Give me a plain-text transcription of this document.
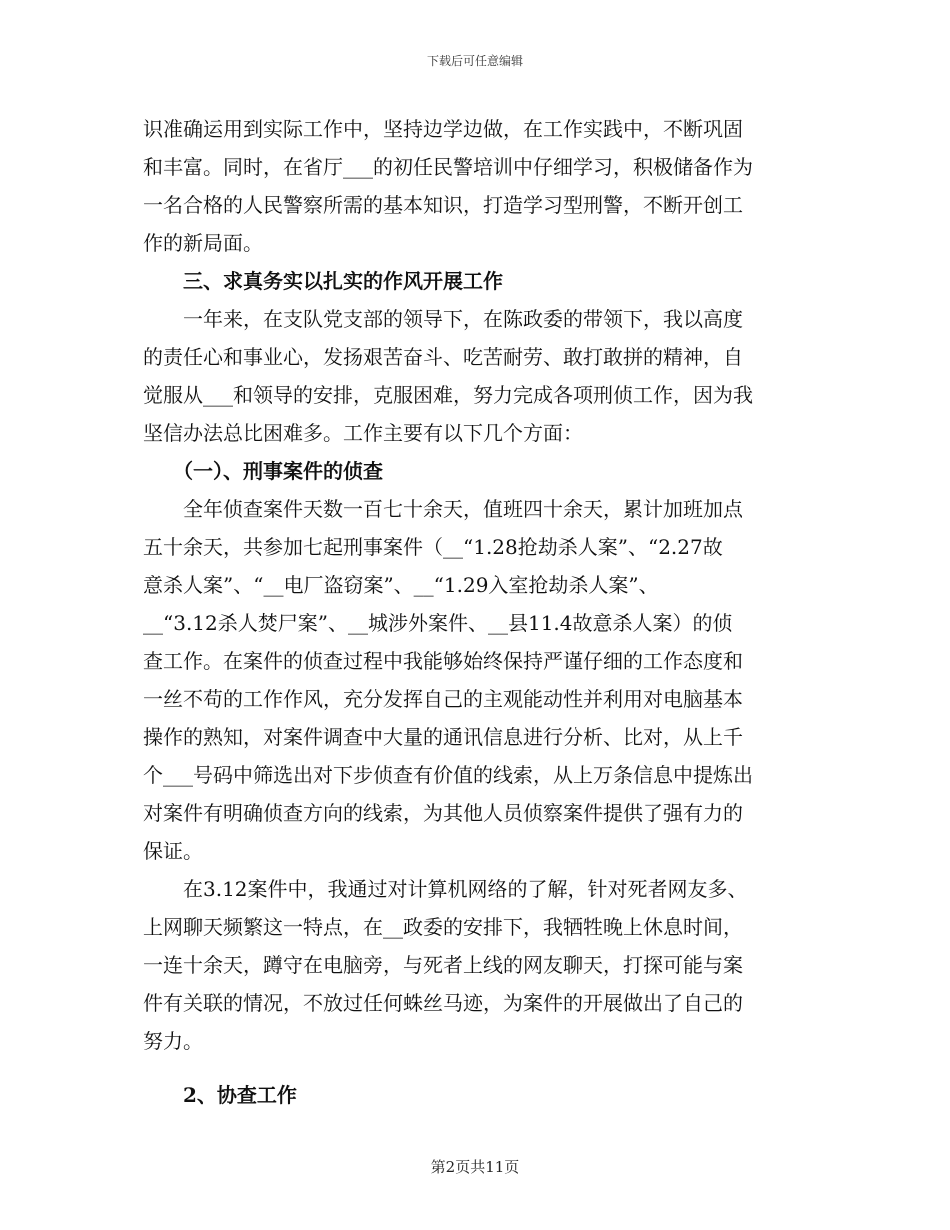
下载后可任意编辑
识准确运用到实际工作中，坚持边学边做，在工作实践中，不断巩固
和丰富。同时，在省厅___的初任民警培训中仔细学习，积极储备作为
一名合格的人民警察所需的基本知识，打造学习型刑警，不断开创工
作的新局面。
　　三、求真务实以扎实的作风开展工作
　　一年来，在支队党支部的领导下，在陈政委的带领下，我以高度
的责任心和事业心，发扬艰苦奋斗、吃苦耐劳、敢打敢拼的精神，自
觉服从___和领导的安排，克服困难，努力完成各项刑侦工作，因为我
坚信办法总比困难多。工作主要有以下几个方面：
　　（一）、刑事案件的侦查
　　全年侦查案件天数一百七十余天，值班四十余天，累计加班加点
五十余天，共参加七起刑事案件（__“1.28抢劫杀人案”、“2.27故
意杀人案”、“__电厂盗窃案”、__“1.29入室抢劫杀人案”、
__“3.12杀人焚尸案”、__城涉外案件、__县11.4故意杀人案）的侦
查工作。在案件的侦查过程中我能够始终保持严谨仔细的工作态度和
一丝不苟的工作作风，充分发挥自己的主观能动性并利用对电脑基本
操作的熟知，对案件调查中大量的通讯信息进行分析、比对，从上千
个___号码中筛选出对下步侦查有价值的线索，从上万条信息中提炼出
对案件有明确侦查方向的线索，为其他人员侦察案件提供了强有力的
保证。
　　在3.12案件中，我通过对计算机网络的了解，针对死者网友多、
上网聊天频繁这一特点，在__政委的安排下，我牺牲晚上休息时间，
一连十余天，蹲守在电脑旁，与死者上线的网友聊天，打探可能与案
件有关联的情况，不放过任何蛛丝马迹，为案件的开展做出了自己的
努力。
　　2、协查工作
第2页共11页
